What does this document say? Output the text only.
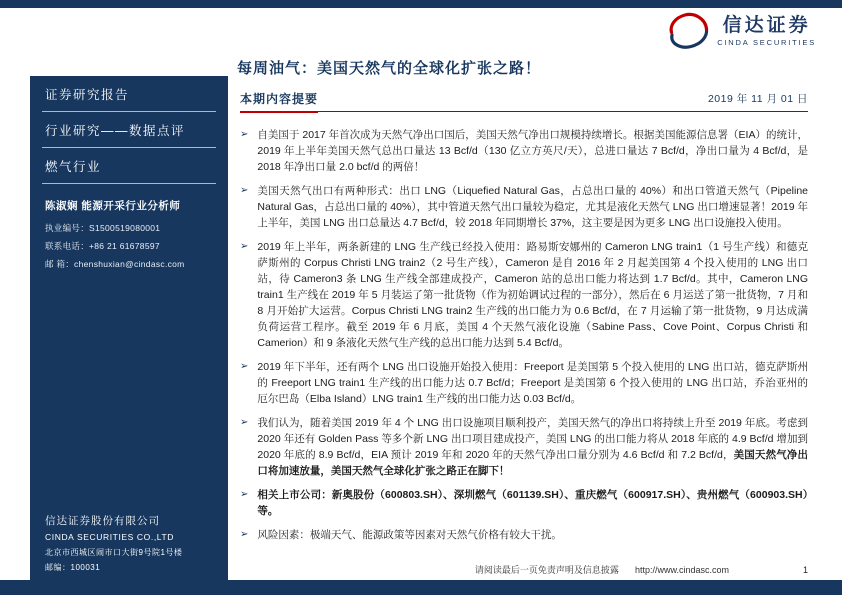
信达证券
CINDA SECURITIES
每周油气：美国天然气的全球化扩张之路！
证券研究报告
行业研究——数据点评
燃气行业
陈淑娴 能源开采行业分析师
执业编号：S1500519080001
联系电话：+86 21 61678597
邮 箱：chenshuxian@cindasc.com
信达证券股份有限公司
CINDA SECURITIES CO.,LTD
北京市西城区闹市口大街9号院1号楼
邮编：100031
本期内容提要	2019 年 11 月 01 日
➢ 自美国于 2017 年首次成为天然气净出口国后，美国天然气净出口规模持续增长。根据美国能源信息署（EIA）的统计，2019 年上半年美国天然气总出口量达 13 Bcf/d（130 亿立方英尺/天），总进口量达 7 Bcf/d，净出口量为 4 Bcf/d，是 2018 年净出口量 2.0 bcf/d 的两倍！
➢ 美国天然气出口有两种形式：出口 LNG（Liquefied Natural Gas，占总出口量的 40%）和出口管道天然气（Pipeline Natural Gas，占总出口量的 40%），其中管道天然气出口量较为稳定，尤其是液化天然气 LNG 出口增速显著！2019 年上半年，美国 LNG 出口总量达 4.7 Bcf/d，较 2018 年同期增长 37%，这主要是因为更多 LNG 出口设施投入使用。
➢ 2019 年上半年，两条新建的 LNG 生产线已经投入使用：路易斯安娜州的 Cameron LNG train1（1 号生产线）和德克萨斯州的 Corpus Christi LNG train2（2 号生产线），Cameron 是自 2016 年 2 月起美国第 4 个投入使用的 LNG 出口站，待 Cameron3 条 LNG 生产线全部建成投产，Cameron 站的总出口能力将达到 1.7 Bcf/d。其中，Cameron LNG train1 生产线在 2019 年 5 月装运了第一批货物（作为初始调试过程的一部分），然后在 6 月运送了第一批货物，7 月和 8 月开始扩大运营。Corpus Christi LNG train2 生产线的出口能力为 0.6 Bcf/d，在 7 月运输了第一批货物，9 月达成满负荷运营工程序。截至 2019 年 6 月底，美国 4 个天然气液化设施（Sabine Pass、Cove Point、Corpus Christi 和 Camerion）和 9 条液化天然气生产线的总出口能力达到 5.4 Bcf/d。
➢ 2019 年下半年，还有两个 LNG 出口设施开始投入使用：Freeport 是美国第 5 个投入使用的 LNG 出口站，德克萨斯州的 Freeport LNG train1 生产线的出口能力达 0.7 Bcf/d；Freeport 是美国第 6 个投入使用的 LNG 出口站，乔治亚州的厄尔巴岛（Elba Island）LNG train1 生产线的出口能力达 0.03 Bcf/d。
➢ 我们认为，随着美国 2019 年 4 个 LNG 出口设施项目顺利投产，美国天然气的净出口将持续上升至 2019 年底。考虑到 2020 年还有 Golden Pass 等多个新 LNG 出口项目建成投产，美国 LNG 的出口能力将从 2018 年底的 4.9 Bcf/d 增加到 2020 年底的 8.9 Bcf/d，EIA 预计 2019 年和 2020 年的天然气净出口量分别为 4.6 Bcf/d 和 7.2 Bcf/d，美国天然气净出口将加速放量，美国天然气全球化扩张之路正在脚下！
➢ 相关上市公司：新奥股份（600803.SH）、深圳燃气（601139.SH）、重庆燃气（600917.SH）、贵州燃气（600903.SH）等。
➢ 风险因素：极端天气、能源政策等因素对天然气价格有较大干扰。
请阅读最后一页免责声明及信息披露 http://www.cindasc.com	1
